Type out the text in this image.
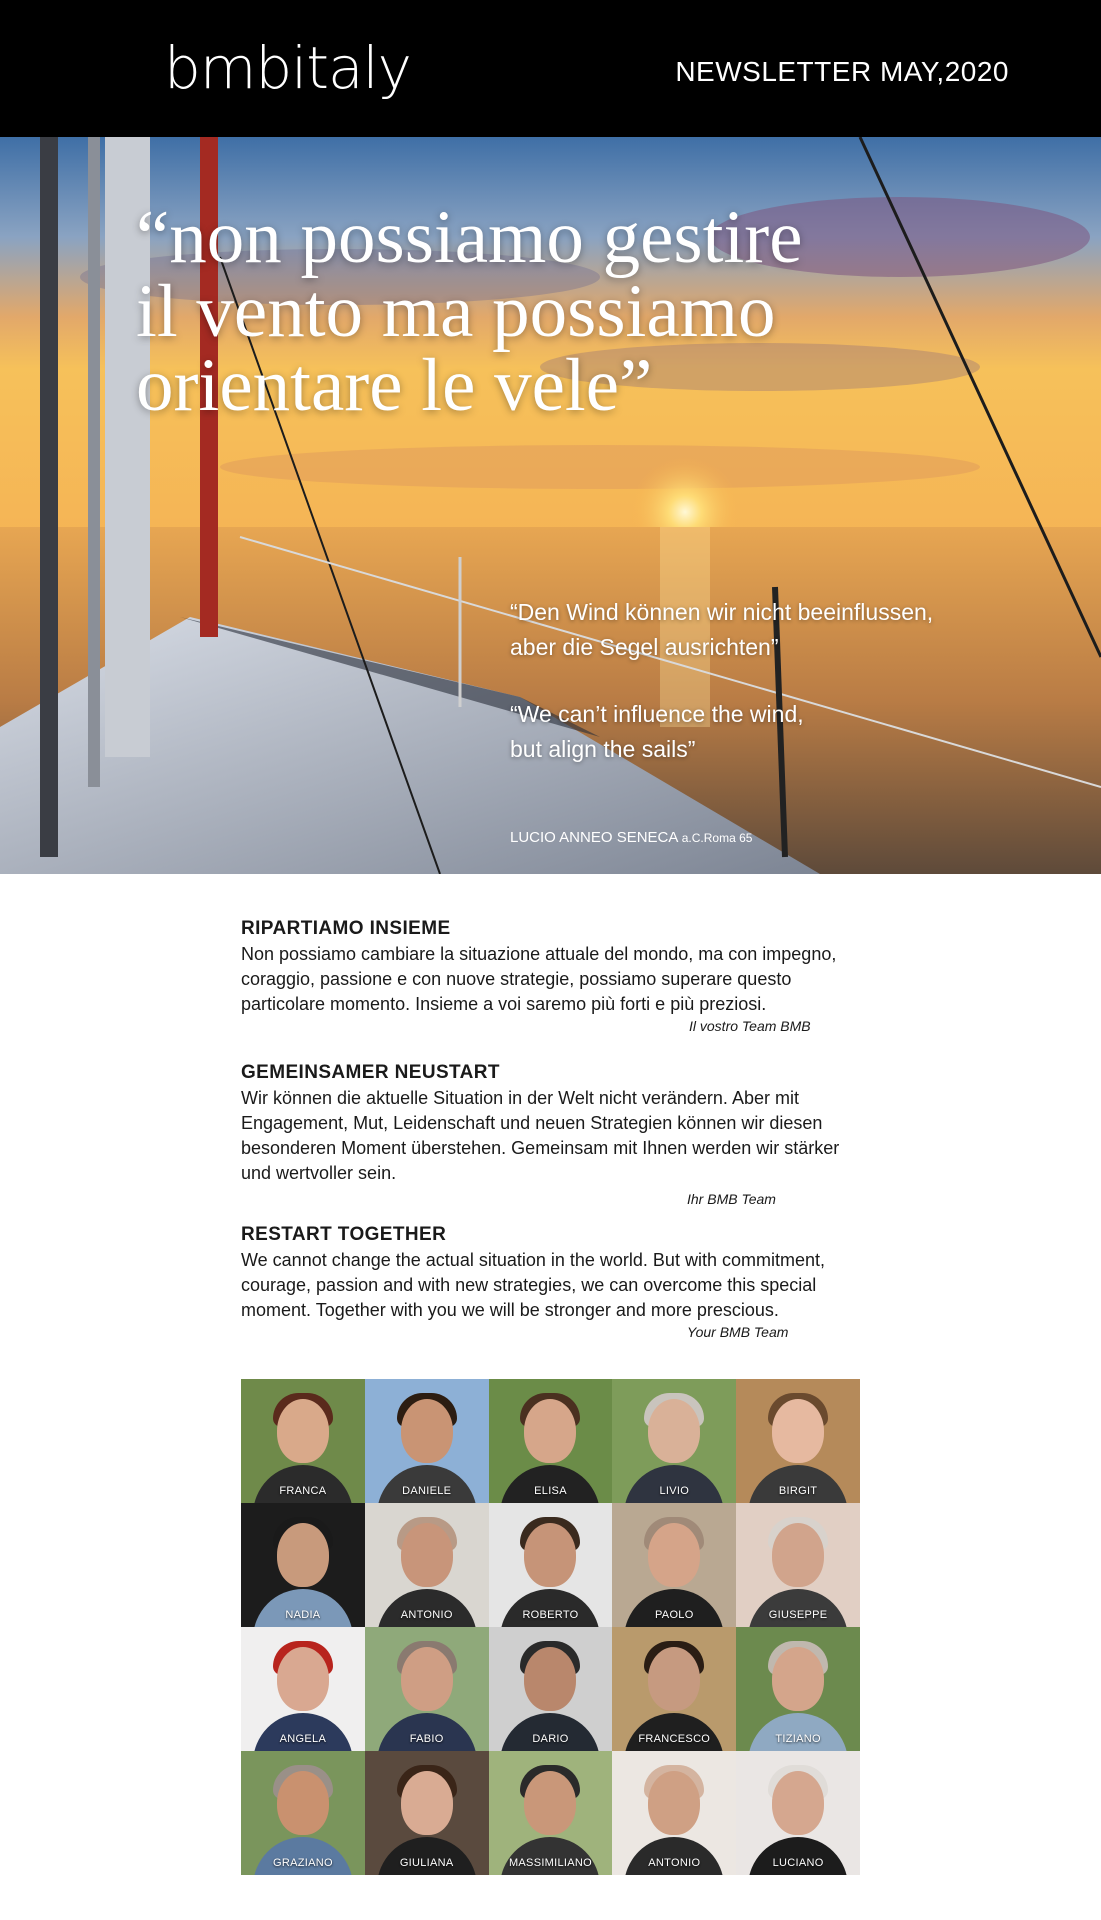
bmbitaly	NEWSLETTER MAY,2020
“non possiamo gestire
il vento ma possiamo
orientare le vele”
“Den Wind können wir nicht beeinflussen,
aber die Segel ausrichten”
“We can’t influence the wind,
but align the sails”
LUCIO ANNEO SENECA a.C.Roma 65
RIPARTIAMO INSIEME

Non possiamo cambiare la situazione attuale del mondo, ma con impegno, coraggio, passione e con nuove strategie, possiamo superare questo particolare momento. Insieme a voi saremo più forti e più preziosi.

Il vostro Team BMB
GEMEINSAMER NEUSTART

Wir können die aktuelle Situation in der Welt nicht verändern. Aber mit Engagement, Mut, Leidenschaft und neuen Strategien können wir diesen besonderen Moment überstehen. Gemeinsam mit Ihnen werden wir stärker und wertvoller sein.

Ihr BMB Team
RESTART TOGETHER

We cannot change the actual situation in the world. But with commitment, courage, passion and with new strategies, we can overcome this special moment. Together with you we will be stronger and more prescious.

Your BMB Team
FRANCA	DANIELE	ELISA	LIVIO	BIRGIT
NADIA	ANTONIO	ROBERTO	PAOLO	GIUSEPPE
ANGELA	FABIO	DARIO	FRANCESCO	TIZIANO
GRAZIANO	GIULIANA	MASSIMILIANO	ANTONIO	LUCIANO
